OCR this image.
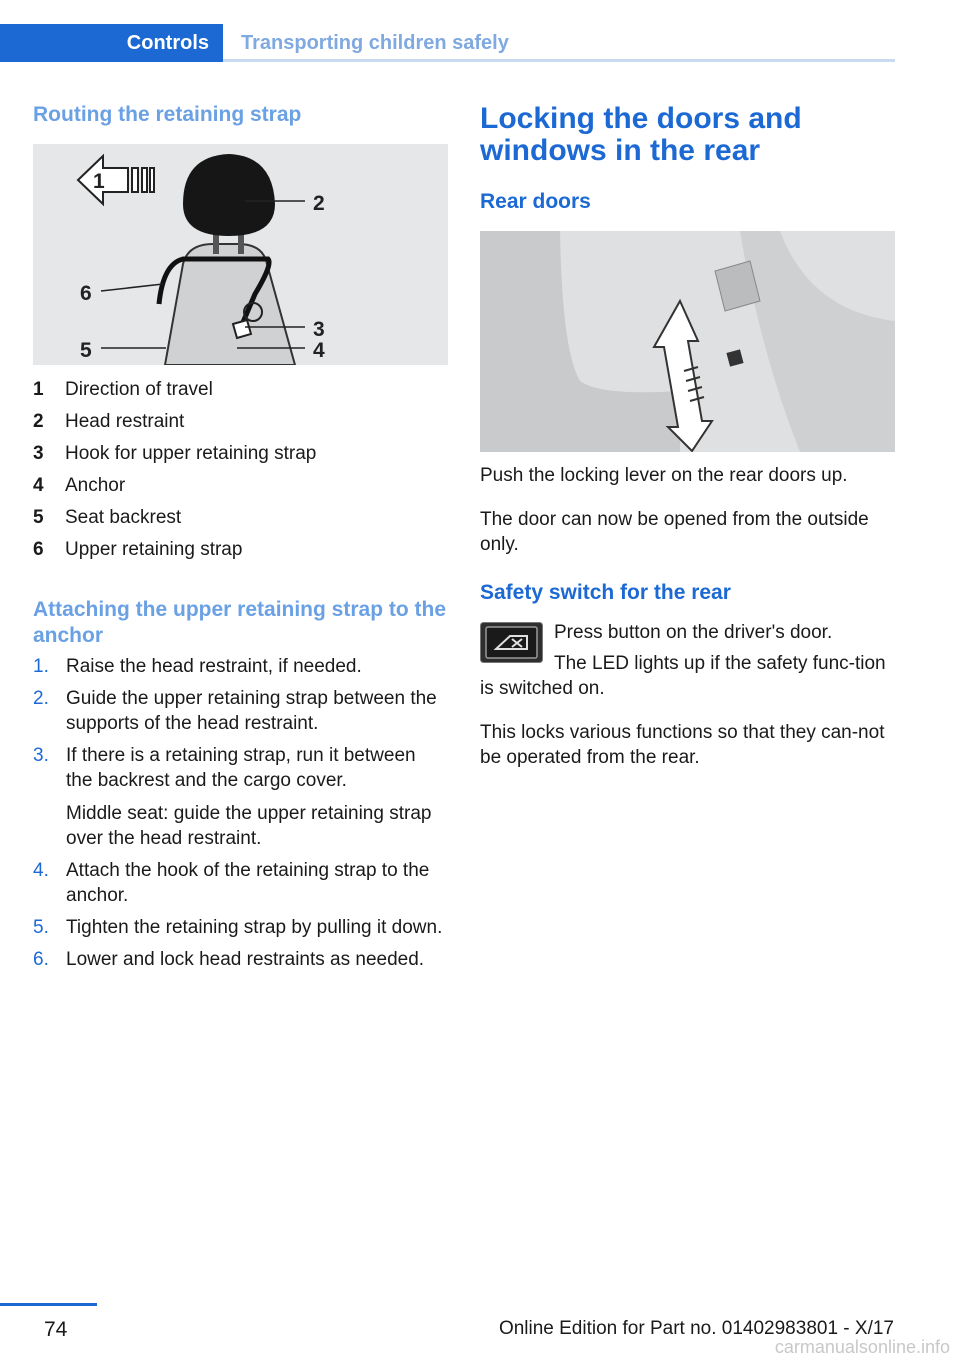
Controls	Transporting children safely
Routing the retaining strap
1
2
3
4
5
6
1	Direction of travel
2	Head restraint
3	Hook for upper retaining strap
4	Anchor
5	Seat backrest
6	Upper retaining strap
Attaching the upper retaining strap to the anchor
1. Raise the head restraint, if needed.
2. Guide the upper retaining strap between the supports of the head restraint.
3. If there is a retaining strap, run it between the backrest and the cargo cover.
Middle seat: guide the upper retaining strap over the head restraint.
4. Attach the hook of the retaining strap to the anchor.
5. Tighten the retaining strap by pulling it down.
6. Lower and lock head restraints as needed.
Locking the doors and windows in the rear
Rear doors

Push the locking lever on the rear doors up.

The door can now be opened from the outside only.

Safety switch for the rear

Press button on the driver's door.

The LED lights up if the safety func‐tion is switched on.

This locks various functions so that they can‐not be operated from the rear.

74	Online Edition for Part no. 01402983801 - X/17
carmanualsonline.info
